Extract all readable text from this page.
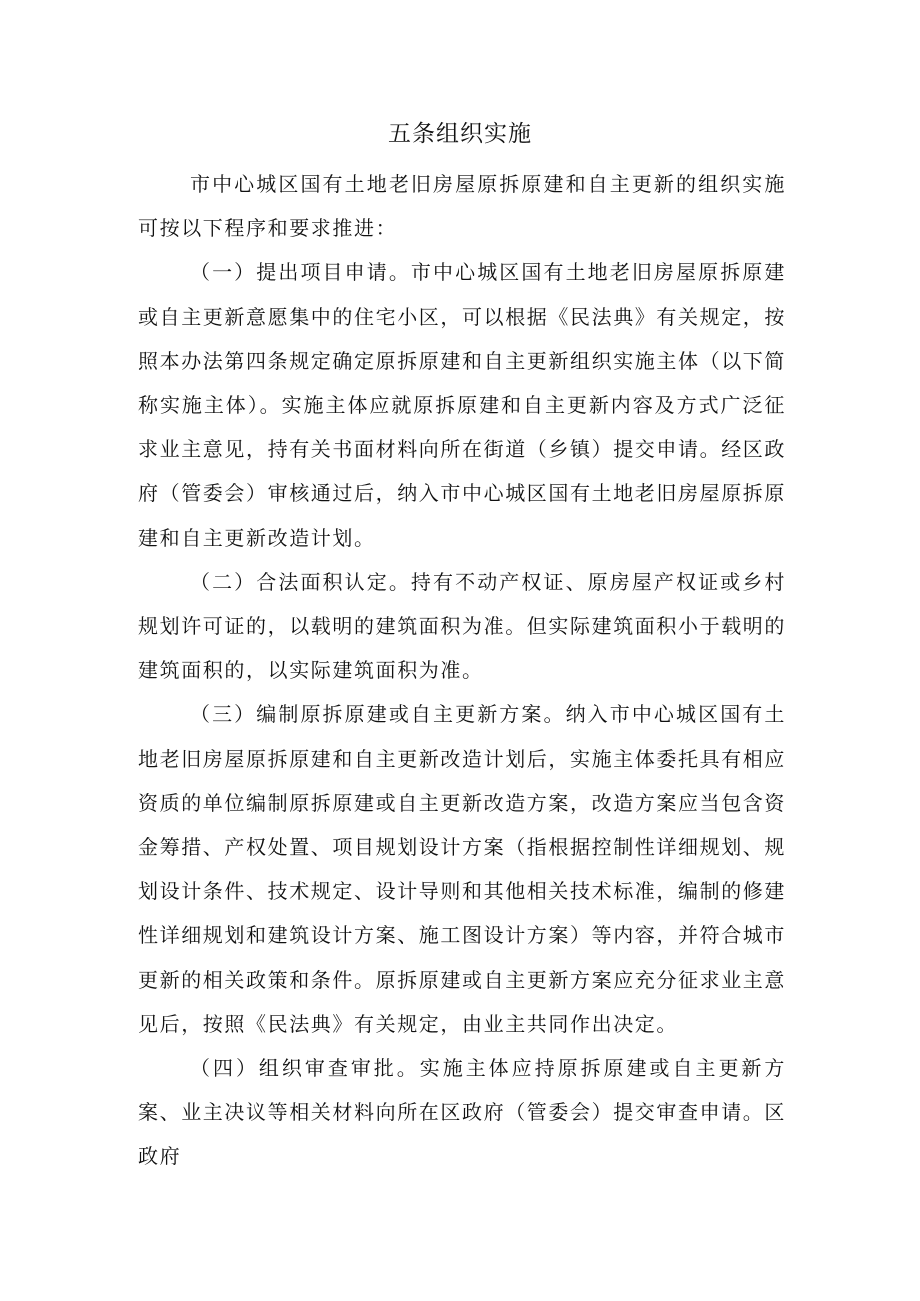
五条组织实施

市中心城区国有土地老旧房屋原拆原建和自主更新的组织实施可按以下程序和要求推进：

（一）提出项目申请。市中心城区国有土地老旧房屋原拆原建或自主更新意愿集中的住宅小区，可以根据《民法典》有关规定，按照本办法第四条规定确定原拆原建和自主更新组织实施主体（以下简称实施主体）。实施主体应就原拆原建和自主更新内容及方式广泛征求业主意见，持有关书面材料向所在街道（乡镇）提交申请。经区政府（管委会）审核通过后，纳入市中心城区国有土地老旧房屋原拆原建和自主更新改造计划。

（二）合法面积认定。持有不动产权证、原房屋产权证或乡村规划许可证的，以载明的建筑面积为准。但实际建筑面积小于载明的建筑面积的，以实际建筑面积为准。

（三）编制原拆原建或自主更新方案。纳入市中心城区国有土地老旧房屋原拆原建和自主更新改造计划后，实施主体委托具有相应资质的单位编制原拆原建或自主更新改造方案，改造方案应当包含资金筹措、产权处置、项目规划设计方案（指根据控制性详细规划、规划设计条件、技术规定、设计导则和其他相关技术标准，编制的修建性详细规划和建筑设计方案、施工图设计方案）等内容，并符合城市更新的相关政策和条件。原拆原建或自主更新方案应充分征求业主意见后，按照《民法典》有关规定，由业主共同作出决定。

（四）组织审查审批。实施主体应持原拆原建或自主更新方案、业主决议等相关材料向所在区政府（管委会）提交审查申请。区政府
